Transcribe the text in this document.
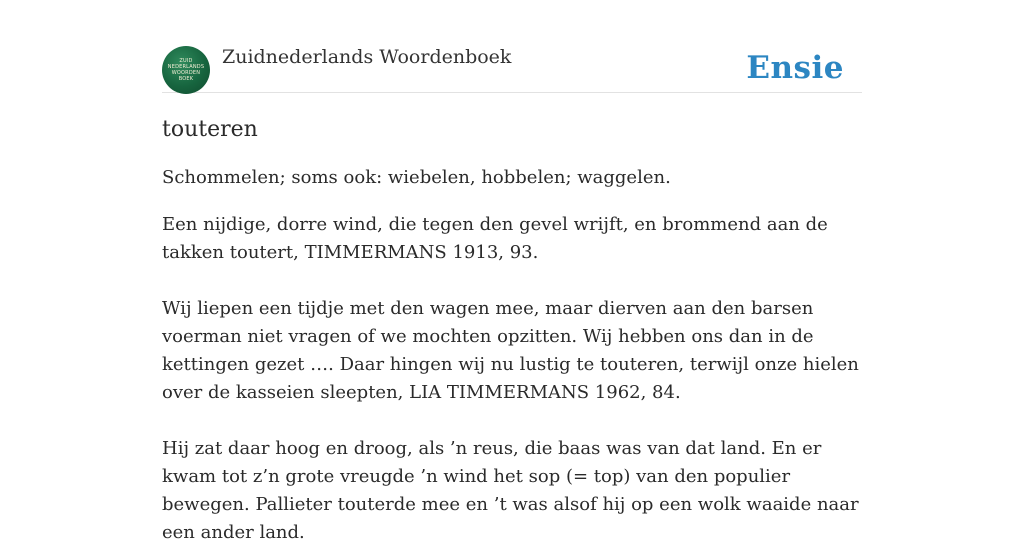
ZUID
NEDERLANDS
WOORDEN
BOEK
Zuidnederlands Woordenboek	Ensie
touteren

Schommelen; soms ook: wiebelen, hobbelen; waggelen.

Een nijdige, dorre wind, die tegen den gevel wrijft, en brommend aan de takken toutert, TIMMERMANS 1913, 93.

Wij liepen een tijdje met den wagen mee, maar dierven aan den barsen voerman niet vragen of we mochten opzitten. Wij hebben ons dan in de kettingen gezet …. Daar hingen wij nu lustig te touteren, terwijl onze hielen over de kasseien sleepten, LIA TIMMERMANS 1962, 84.

Hij zat daar hoog en droog, als ’n reus, die baas was van dat land. En er kwam tot z’n grote vreugde ’n wind het sop (= top) van den populier bewegen. Pallieter touterde mee en ’t was alsof hij op een wolk waaide naar een ander land.
